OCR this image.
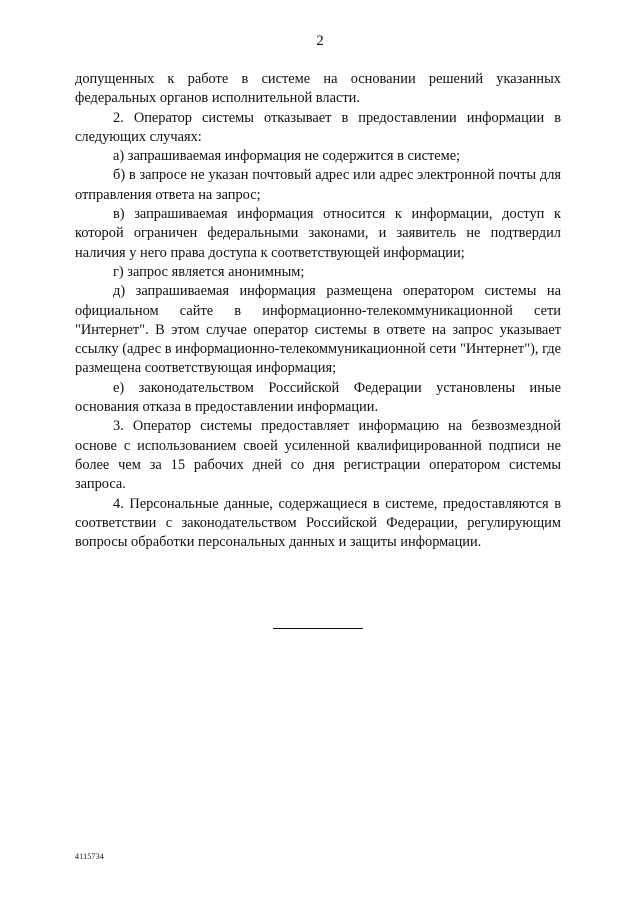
2

допущенных к работе в системе на основании решений указанных федеральных органов исполнительной власти.

2. Оператор системы отказывает в предоставлении информации в следующих случаях:

а) запрашиваемая информация не содержится в системе;

б) в запросе не указан почтовый адрес или адрес электронной почты для отправления ответа на запрос;

в) запрашиваемая информация относится к информации, доступ к которой ограничен федеральными законами, и заявитель не подтвердил наличия у него права доступа к соответствующей информации;

г) запрос является анонимным;

д) запрашиваемая информация размещена оператором системы на официальном сайте в информационно-телекоммуникационной сети "Интернет". В этом случае оператор системы в ответе на запрос указывает ссылку (адрес в информационно-телекоммуникационной сети "Интернет"), где размещена соответствующая информация;

е) законодательством Российской Федерации установлены иные основания отказа в предоставлении информации.

3. Оператор системы предоставляет информацию на безвозмездной основе с использованием своей усиленной квалифицированной подписи не более чем за 15 рабочих дней со дня регистрации оператором системы запроса.

4. Персональные данные, содержащиеся в системе, предоставляются в соответствии с законодательством Российской Федерации, регулирующим вопросы обработки персональных данных и защиты информации.

4115734
